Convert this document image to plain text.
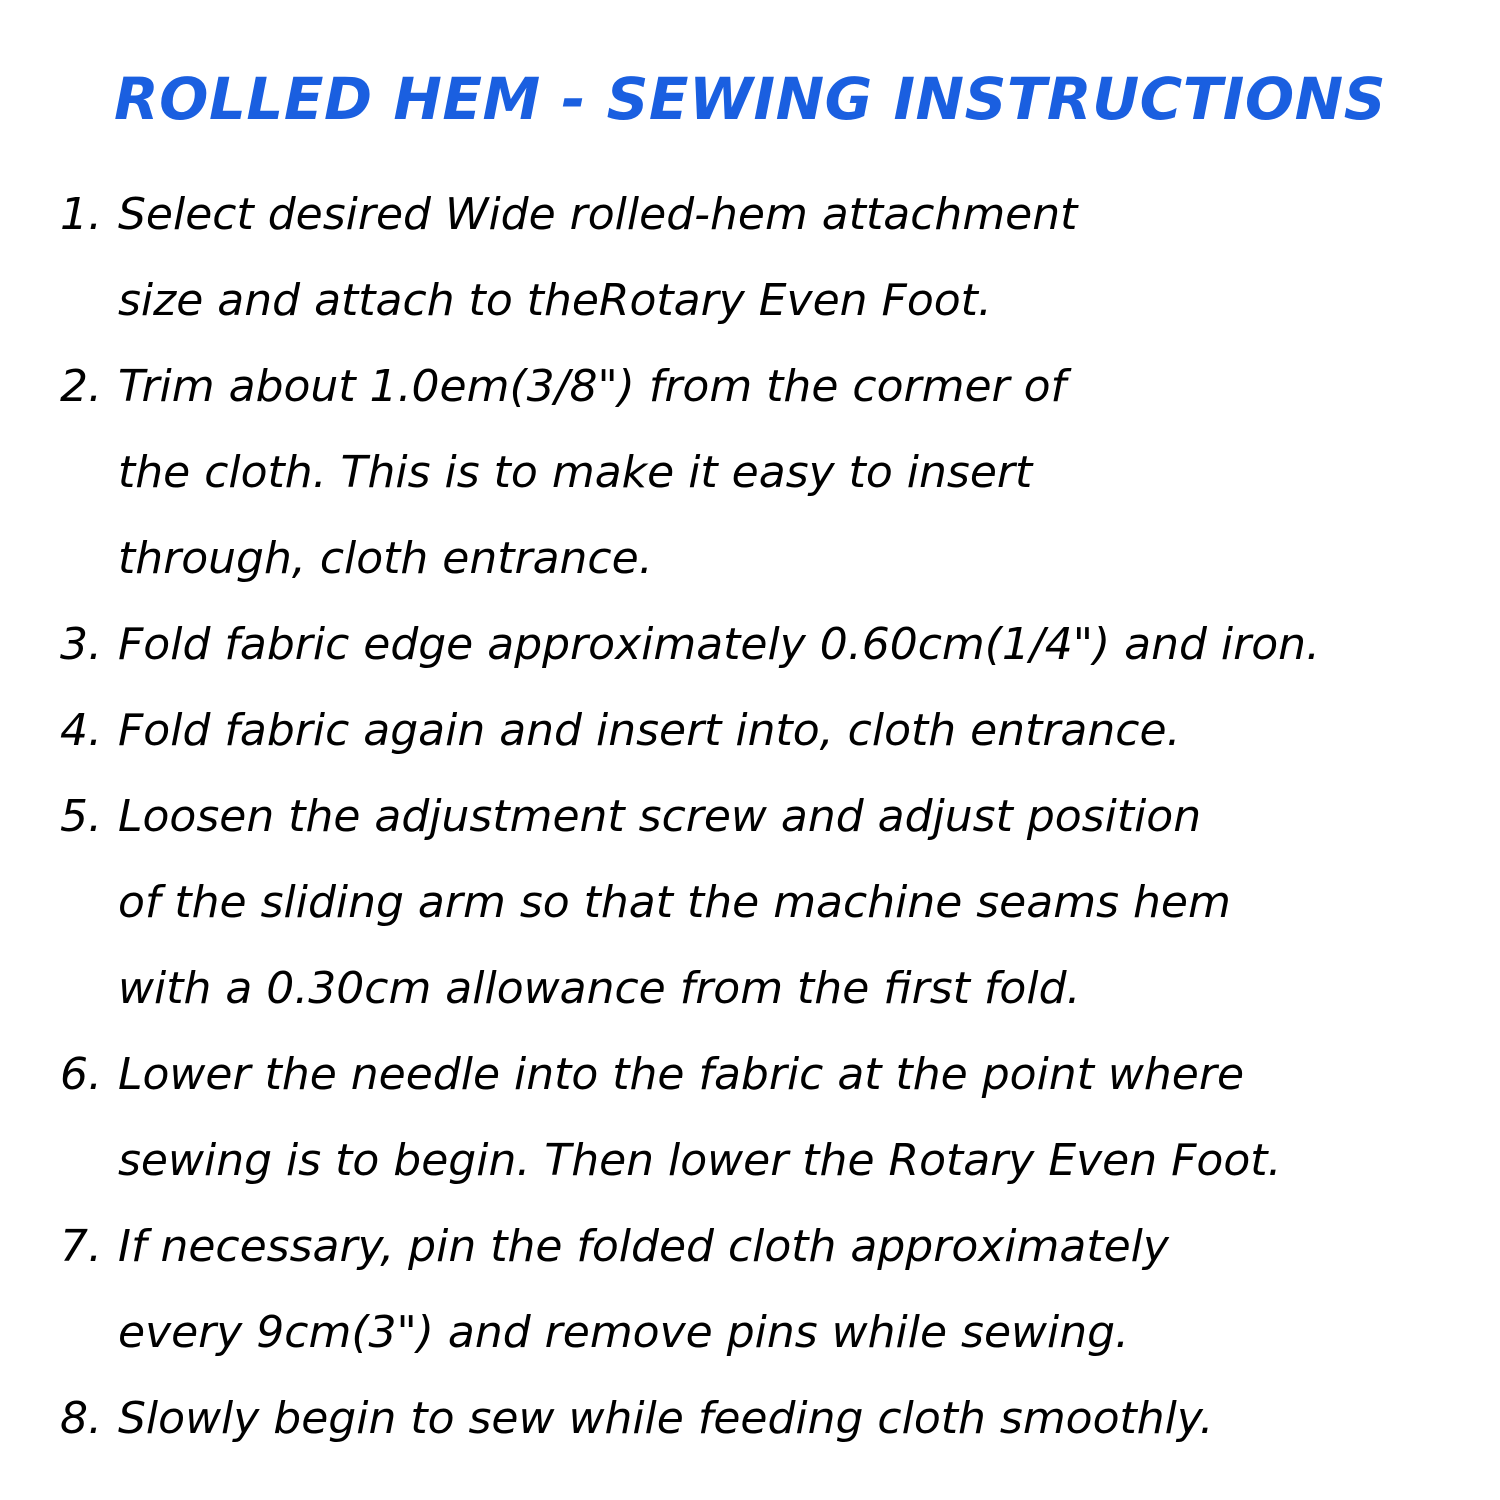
ROLLED HEM - SEWING INSTRUCTIONS
1. Select desired Wide rolled-hem attachment
size and attach to theRotary Even Foot.
2. Trim about 1.0em(3/8") from the cormer of
the cloth. This is to make it easy to insert
through, cloth entrance.
3. Fold fabric edge approximately 0.60cm(1/4") and iron.
4. Fold fabric again and insert into, cloth entrance.
5. Loosen the adjustment screw and adjust position
of the sliding arm so that the machine seams hem
with a 0.30cm allowance from the first fold.
6. Lower the needle into the fabric at the point where
sewing is to begin. Then lower the Rotary Even Foot.
7. If necessary, pin the folded cloth approximately
every 9cm(3") and remove pins while sewing.
8. Slowly begin to sew while feeding cloth smoothly.
